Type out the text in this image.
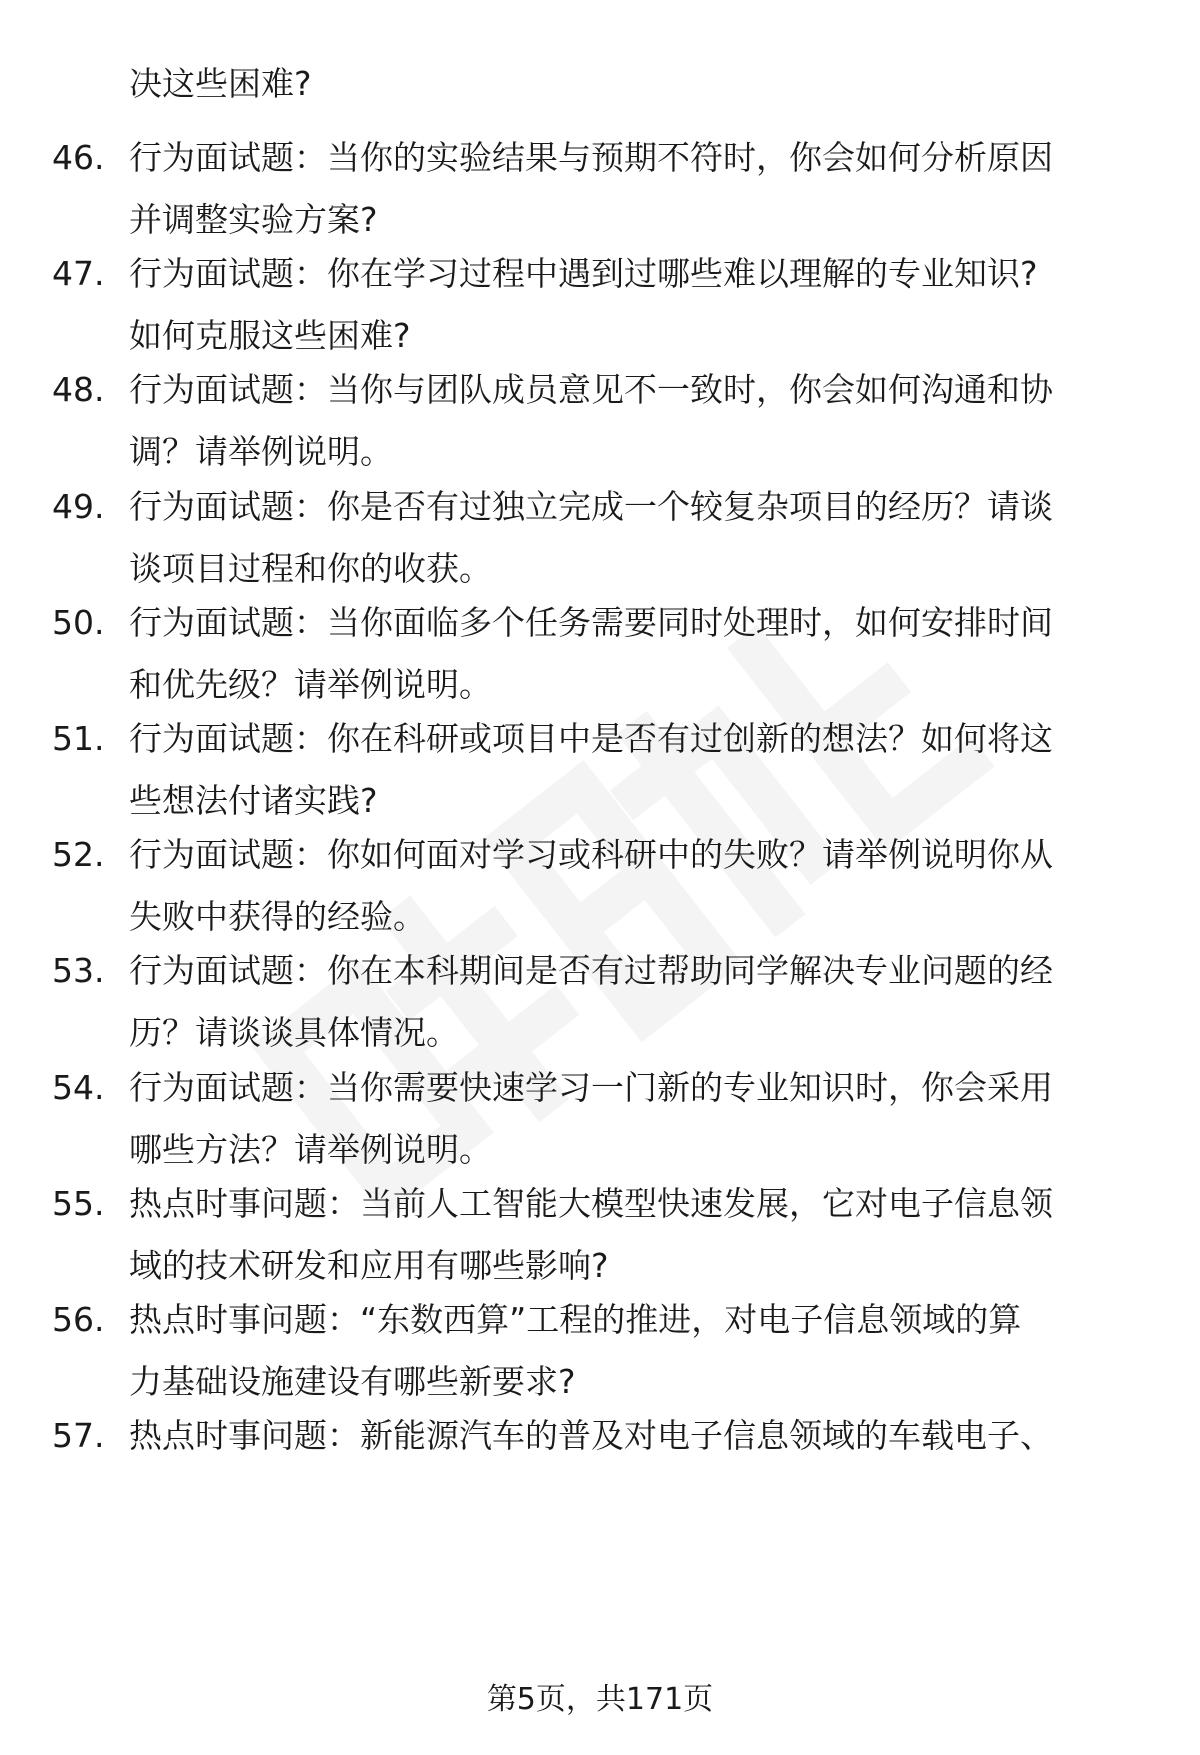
决这些困难?
46. 行为面试题：当你的实验结果与预期不符时，你会如何分析原因
并调整实验方案?
47. 行为面试题：你在学习过程中遇到过哪些难以理解的专业知识?
如何克服这些困难?
48. 行为面试题：当你与团队成员意见不一致时，你会如何沟通和协
调？请举例说明。
49. 行为面试题：你是否有过独立完成一个较复杂项目的经历？请谈
谈项目过程和你的收获。
50. 行为面试题：当你面临多个任务需要同时处理时，如何安排时间
和优先级？请举例说明。
51. 行为面试题：你在科研或项目中是否有过创新的想法？如何将这
些想法付诸实践?
52. 行为面试题：你如何面对学习或科研中的失败？请举例说明你从
失败中获得的经验。
53. 行为面试题：你在本科期间是否有过帮助同学解决专业问题的经
历？请谈谈具体情况。
54. 行为面试题：当你需要快速学习一门新的专业知识时，你会采用
哪些方法？请举例说明。
55. 热点时事问题：当前人工智能大模型快速发展，它对电子信息领
域的技术研发和应用有哪些影响?
56. 热点时事问题：“东数西算”工程的推进，对电子信息领域的算
力基础设施建设有哪些新要求?
57. 热点时事问题：新能源汽车的普及对电子信息领域的车载电子、
第5页，共171页
